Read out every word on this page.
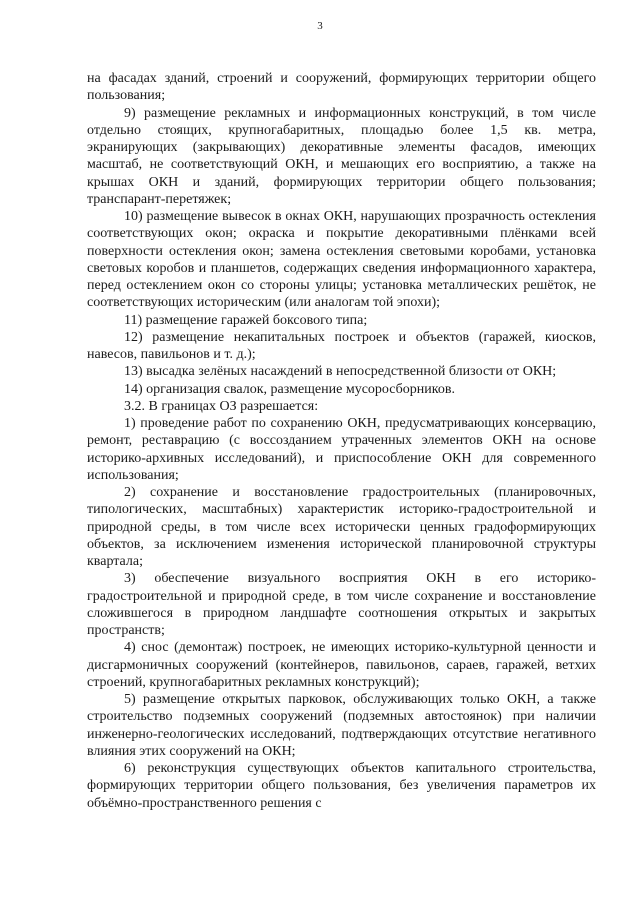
3

на фасадах зданий, строений и сооружений, формирующих территории общего пользования;

9) размещение рекламных и информационных конструкций, в том числе отдельно стоящих, крупногабаритных, площадью более 1,5 кв. метра, экранирующих (закрывающих) декоративные элементы фасадов, имеющих масштаб, не соответствующий ОКН, и мешающих его восприятию, а также на крышах ОКН и зданий, формирующих территории общего пользования; транспарант-перетяжек;

10) размещение вывесок в окнах ОКН, нарушающих прозрачность остекления соответствующих окон; окраска и покрытие декоративными плёнками всей поверхности остекления окон; замена остекления световыми коробами, установка световых коробов и планшетов, содержащих сведения информационного характера, перед остеклением окон со стороны улицы; установка металлических решёток, не соответствующих историческим (или аналогам той эпохи);

11) размещение гаражей боксового типа;

12) размещение некапитальных построек и объектов (гаражей, киосков, навесов, павильонов и т. д.);

13) высадка зелёных насаждений в непосредственной близости от ОКН;

14) организация свалок, размещение мусоросборников.

3.2. В границах ОЗ разрешается:

1) проведение работ по сохранению ОКН, предусматривающих консервацию, ремонт, реставрацию (с воссозданием утраченных элементов ОКН на основе историко-архивных исследований), и приспособление ОКН для современного использования;

2) сохранение и восстановление градостроительных (планировочных, типологических, масштабных) характеристик историко-градостроительной и природной среды, в том числе всех исторически ценных градоформирующих объектов, за исключением изменения исторической планировочной структуры квартала;

3) обеспечение визуального восприятия ОКН в его историко-градостроительной и природной среде, в том числе сохранение и восстановление сложившегося в природном ландшафте соотношения открытых и закрытых пространств;

4) снос (демонтаж) построек, не имеющих историко-культурной ценности и дисгармоничных сооружений (контейнеров, павильонов, сараев, гаражей, ветхих строений, крупногабаритных рекламных конструкций);

5) размещение открытых парковок, обслуживающих только ОКН, а также строительство подземных сооружений (подземных автостоянок) при наличии инженерно-геологических исследований, подтверждающих отсутствие негативного влияния этих сооружений на ОКН;

6) реконструкция существующих объектов капитального строительства, формирующих территории общего пользования, без увеличения параметров их объёмно-пространственного решения с
